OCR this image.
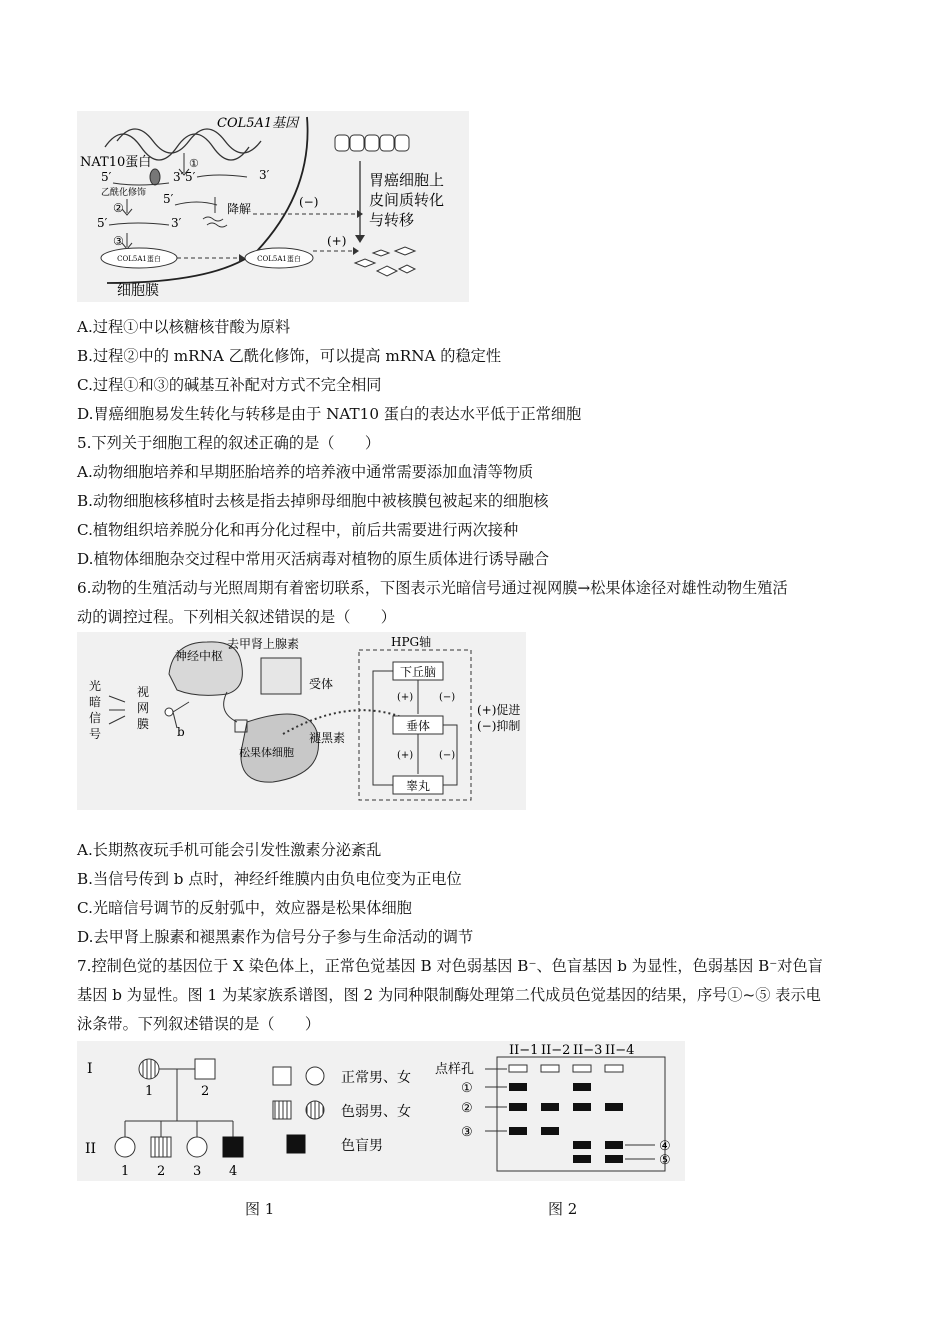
COL5A1基因
NAT10蛋白	①
5′	3′
5′	3′
乙酰化修饰
②
5′
降解
5′	3′
③
COL5A1蛋白	COL5A1蛋白
细胞膜
(−)
(+)
胃癌细胞上
皮间质转化
与转移
A.过程①中以核糖核苷酸为原料
B.过程②中的 mRNA 乙酰化修饰，可以提高 mRNA 的稳定性
C.过程①和③的碱基互补配对方式不完全相同
D.胃癌细胞易发生转化与转移是由于 NAT10 蛋白的表达水平低于正常细胞
5.下列关于细胞工程的叙述正确的是（　　）
A.动物细胞培养和早期胚胎培养的培养液中通常需要添加血清等物质
B.动物细胞核移植时去核是指去掉卵母细胞中被核膜包被起来的细胞核
C.植物组织培养脱分化和再分化过程中，前后共需要进行两次接种
D.植物体细胞杂交过程中常用灭活病毒对植物的原生质体进行诱导融合
6.动物的生殖活动与光照周期有着密切联系，下图表示光暗信号通过视网膜→松果体途径对雄性动物生殖活
动的调控过程。下列相关叙述错误的是（　　）
光
暗
信
号
视
网
膜
b
神经中枢
松果体细胞
去甲肾上腺素
受体
褪黑素
HPG轴
下丘脑
垂体
睾丸
(+)	(−)
(+)	(−)
(+)促进
(−)抑制
A.长期熬夜玩手机可能会引发性激素分泌紊乱
B.当信号传到 b 点时，神经纤维膜内由负电位变为正电位
C.光暗信号调节的反射弧中，效应器是松果体细胞
D.去甲肾上腺素和褪黑素作为信号分子参与生命活动的调节
7.控制色觉的基因位于 X 染色体上，正常色觉基因 B 对色弱基因 B⁻、色盲基因 b 为显性，色弱基因 B⁻对色盲
基因 b 为显性。图 1 为某家族系谱图，图 2 为同种限制酶处理第二代成员色觉基因的结果，序号①~⑤ 表示电
泳条带。下列叙述错误的是（　　）
I
II
1	2
1 2 3 4
正常男、女
色弱男、女
色盲男
II−1 II−2 II−3 II−4
点样孔
①
②
③
④
⑤
图 1	图 2
